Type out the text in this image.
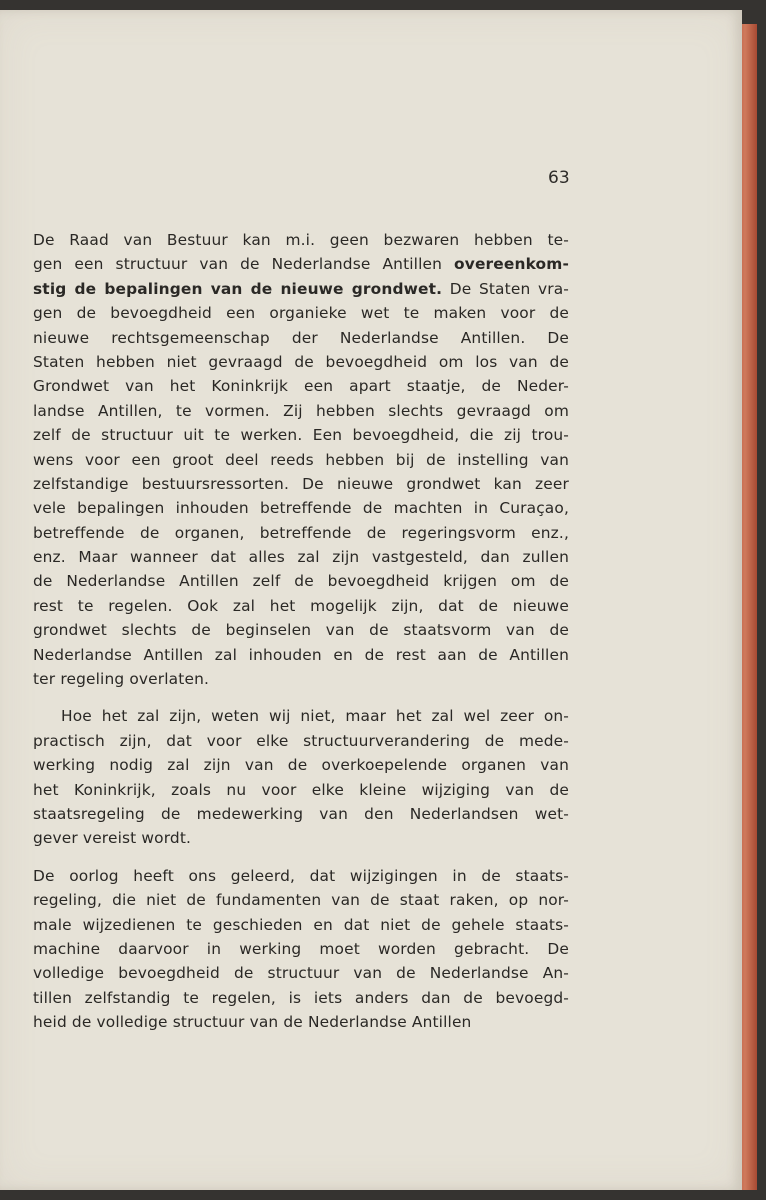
63
De Raad van Bestuur kan m.i. geen bezwaren hebben te-
gen een structuur van de Nederlandse Antillen overeenkom-
stig de bepalingen van de nieuwe grondwet. De Staten vra-
gen de bevoegdheid een organieke wet te maken voor de
nieuwe rechtsgemeenschap der Nederlandse Antillen. De
Staten hebben niet gevraagd de bevoegdheid om los van de
Grondwet van het Koninkrijk een apart staatje, de Neder-
landse Antillen, te vormen. Zij hebben slechts gevraagd om
zelf de structuur uit te werken. Een bevoegdheid, die zij trou-
wens voor een groot deel reeds hebben bij de instelling van
zelfstandige bestuursressorten. De nieuwe grondwet kan zeer
vele bepalingen inhouden betreffende de machten in Curaçao,
betreffende de organen, betreffende de regeringsvorm enz.,
enz. Maar wanneer dat alles zal zijn vastgesteld, dan zullen
de Nederlandse Antillen zelf de bevoegdheid krijgen om de
rest te regelen. Ook zal het mogelijk zijn, dat de nieuwe
grondwet slechts de beginselen van de staatsvorm van de
Nederlandse Antillen zal inhouden en de rest aan de Antillen
ter regeling overlaten.
Hoe het zal zijn, weten wij niet, maar het zal wel zeer on-
practisch zijn, dat voor elke structuurverandering de mede-
werking nodig zal zijn van de overkoepelende organen van
het Koninkrijk, zoals nu voor elke kleine wijziging van de
staatsregeling de medewerking van den Nederlandsen wet-
gever vereist wordt.
De oorlog heeft ons geleerd, dat wijzigingen in de staats-
regeling, die niet de fundamenten van de staat raken, op nor-
male wijzedienen te geschieden en dat niet de gehele staats-
machine daarvoor in werking moet worden gebracht. De
volledige bevoegdheid de structuur van de Nederlandse An-
tillen zelfstandig te regelen, is iets anders dan de bevoegd-
heid de volledige structuur van de Nederlandse Antillen
